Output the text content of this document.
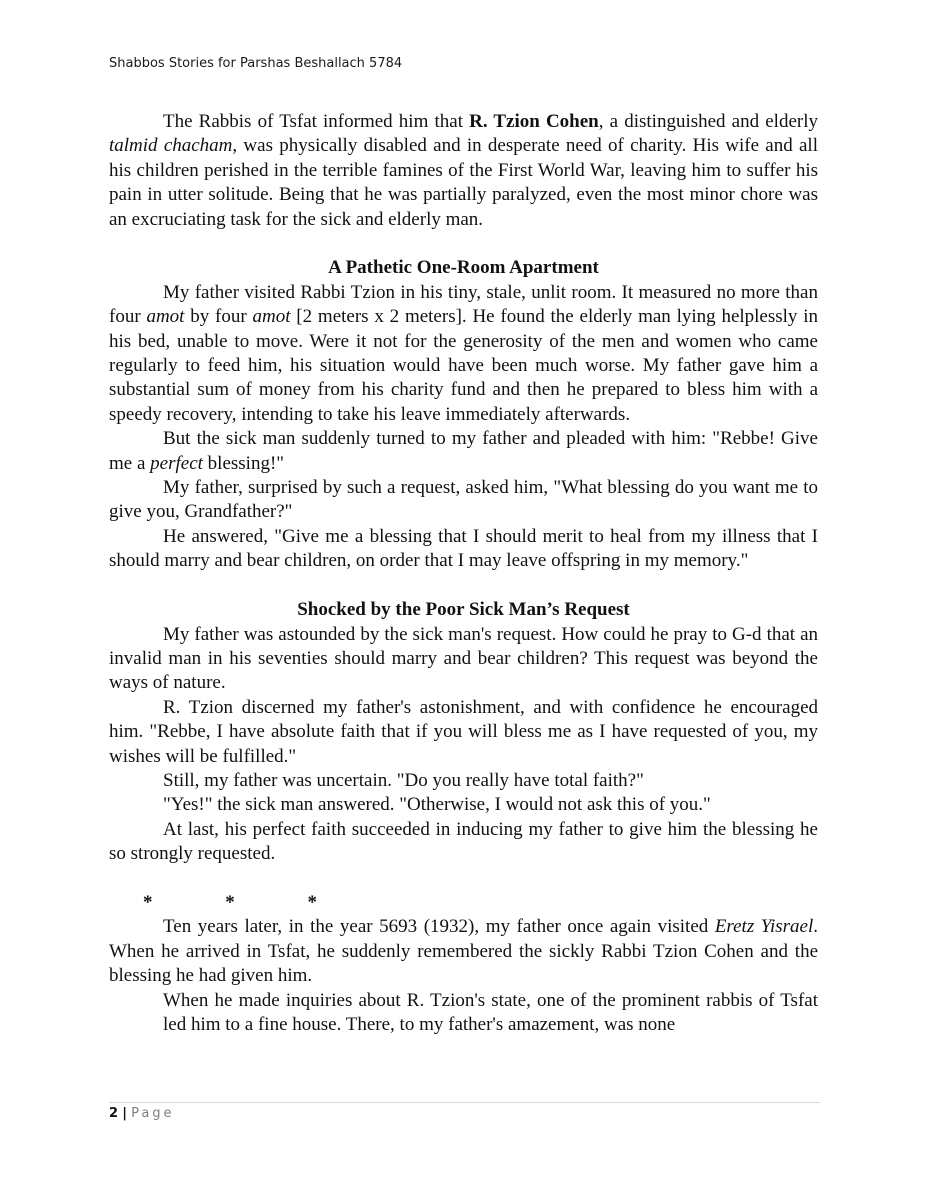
Shabbos Stories for Parshas Beshallach 5784

The Rabbis of Tsfat informed him that R. Tzion Cohen, a distinguished and elderly talmid chacham, was physically disabled and in desperate need of charity. His wife and all his children perished in the terrible famines of the First World War, leaving him to suffer his pain in utter solitude. Being that he was partially paralyzed, even the most minor chore was an excruciating task for the sick and elderly man.

A Pathetic One-Room Apartment

My father visited Rabbi Tzion in his tiny, stale, unlit room. It measured no more than four amot by four amot [2 meters x 2 meters]. He found the elderly man lying helplessly in his bed, unable to move. Were it not for the generosity of the men and women who came regularly to feed him, his situation would have been much worse. My father gave him a substantial sum of money from his charity fund and then he prepared to bless him with a speedy recovery, intending to take his leave immediately afterwards.

But the sick man suddenly turned to my father and pleaded with him: "Rebbe! Give me a perfect blessing!"

My father, surprised by such a request, asked him, "What blessing do you want me to give you, Grandfather?"

He answered, "Give me a blessing that I should merit to heal from my illness that I should marry and bear children, on order that I may leave offspring in my memory."

Shocked by the Poor Sick Man’s Request

My father was astounded by the sick man's request. How could he pray to G-d that an invalid man in his seventies should marry and bear children? This request was beyond the ways of nature.

R. Tzion discerned my father's astonishment, and with confidence he encouraged him. "Rebbe, I have absolute faith that if you will bless me as I have requested of you, my wishes will be fulfilled."

Still, my father was uncertain. "Do you really have total faith?"

"Yes!" the sick man answered. "Otherwise, I would not ask this of you."

At last, his perfect faith succeeded in inducing my father to give him the blessing he so strongly requested.

* * *

Ten years later, in the year 5693 (1932), my father once again visited Eretz Yisrael. When he arrived in Tsfat, he suddenly remembered the sickly Rabbi Tzion Cohen and the blessing he had given him.

When he made inquiries about R. Tzion's state, one of the prominent rabbis of Tsfat led him to a fine house. There, to my father's amazement, was none

2 | Page
